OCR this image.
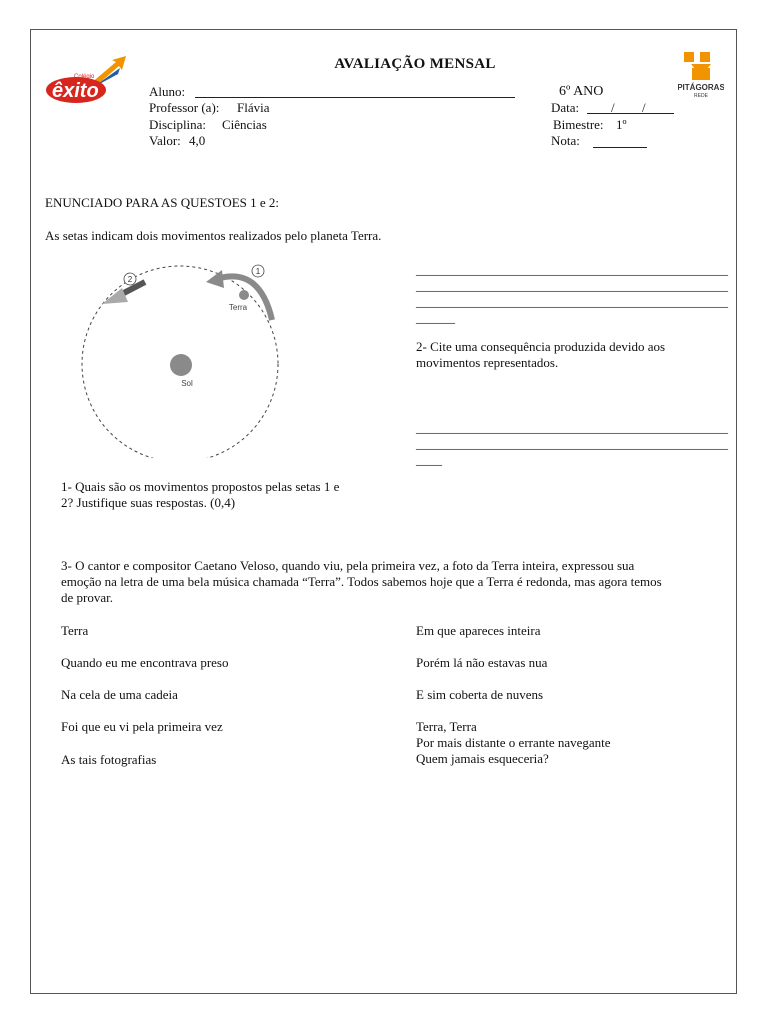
Colégio
êxito	PITÁGORAS
REDE
AVALIAÇÃO MENSAL
Aluno:	6º ANO
Professor (a): Flávia	Data: / /
Disciplina: Ciências	Bimestre: 1º
Valor: 4,0	Nota:
ENUNCIADO PARA AS QUESTOES 1 e 2:
As setas indicam dois movimentos realizados pelo planeta Terra.
Sol
Terra
1
2
________________________________________________
________________________________________________
________________________________________________
______
2- Cite uma consequência produzida devido aos
movimentos representados.
________________________________________________
________________________________________________
____
1- Quais são os movimentos propostos pelas setas 1 e
2? Justifique suas respostas. (0,4)
3- O cantor e compositor Caetano Veloso, quando viu, pela primeira vez, a foto da Terra inteira, expressou sua
emoção na letra de uma bela música chamada “Terra”. Todos sabemos hoje que a Terra é redonda, mas agora temos
de provar.
Terra
Quando eu me encontrava preso
Na cela de uma cadeia
Foi que eu vi pela primeira vez
As tais fotografias
Em que apareces inteira
Porém lá não estavas nua
E sim coberta de nuvens
Terra, Terra
Por mais distante o errante navegante
Quem jamais esqueceria?
